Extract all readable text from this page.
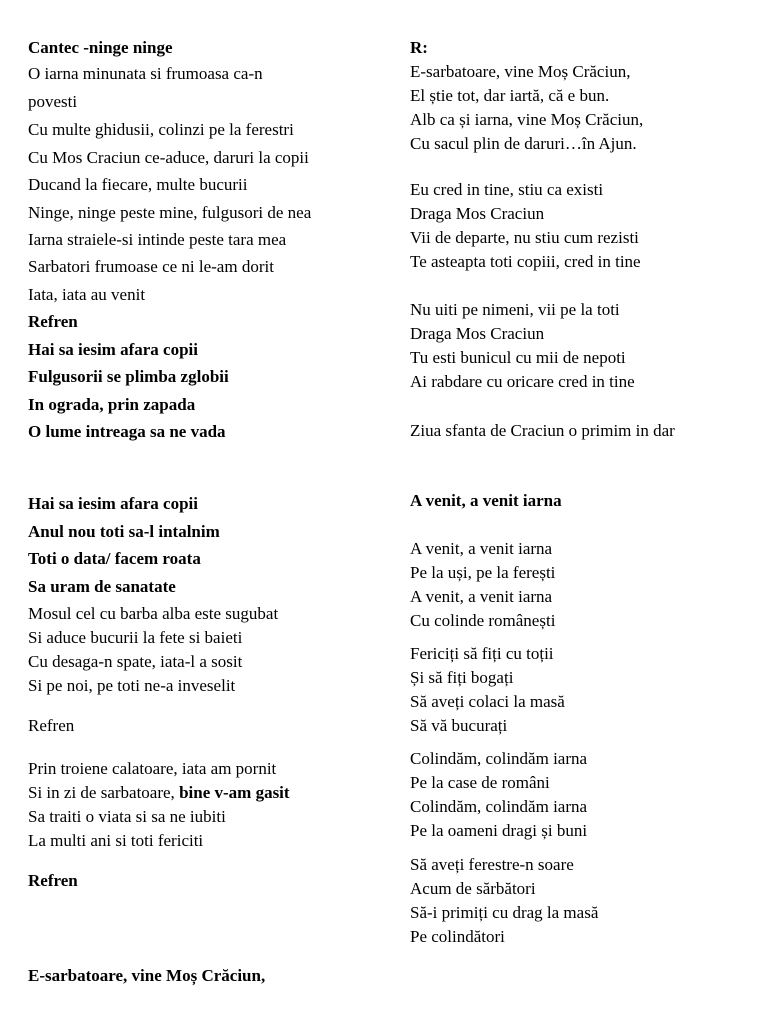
Cantec -ninge ninge
O iarna minunata si frumoasa ca-n
povesti
Cu multe ghidusii, colinzi pe la ferestri
Cu Mos Craciun ce-aduce, daruri la copii
Ducand la fiecare, multe bucurii
Ninge, ninge peste mine, fulgusori de nea
Iarna straiele-si intinde peste tara mea
Sarbatori frumoase ce ni le-am dorit
Iata, iata au venit
Refren
Hai sa iesim afara copii
Fulgusorii se plimba zglobii
In ograda, prin zapada
O lume intreaga sa ne vada
Hai sa iesim afara copii
Anul nou toti sa-l intalnim
Toti o data/ facem roata
Sa uram de sanatate
Mosul cel cu barba alba este sugubat
Si aduce bucurii la fete si baieti
Cu desaga-n spate, iata-l a sosit
Si pe noi, pe toti ne-a inveselit
Refren
Prin troiene calatoare, iata am pornit
Si in zi de sarbatoare, bine v-am gasit
Sa traiti o viata si sa ne iubiti
La multi ani si toti fericiti
Refren
E-sarbatoare, vine Moș Crăciun,
R:
E-sarbatoare, vine Moș Crăciun,
El știe tot, dar iartă, că e bun.
Alb ca și iarna, vine Moș Crăciun,
Cu sacul plin de daruri…în Ajun.
Eu cred in tine, stiu ca existi
Draga Mos Craciun
Vii de departe, nu stiu cum rezisti
Te asteapta toti copiii, cred in tine
Nu uiti pe nimeni, vii pe la toti
Draga Mos Craciun
Tu esti bunicul cu mii de nepoti
Ai rabdare cu oricare cred in tine
Ziua sfanta de Craciun o primim in dar
A venit, a venit iarna
A venit, a venit iarna
Pe la uși, pe la ferești
A venit, a venit iarna
Cu colinde românești
Fericiți să fiți cu toții
Și să fiți bogați
Să aveți colaci la masă
Să vă bucurați
Colindăm, colindăm iarna
Pe la case de români
Colindăm, colindăm iarna
Pe la oameni dragi și buni
Să aveți ferestre-n soare
Acum de sărbători
Să-i primiți cu drag la masă
Pe colindători
